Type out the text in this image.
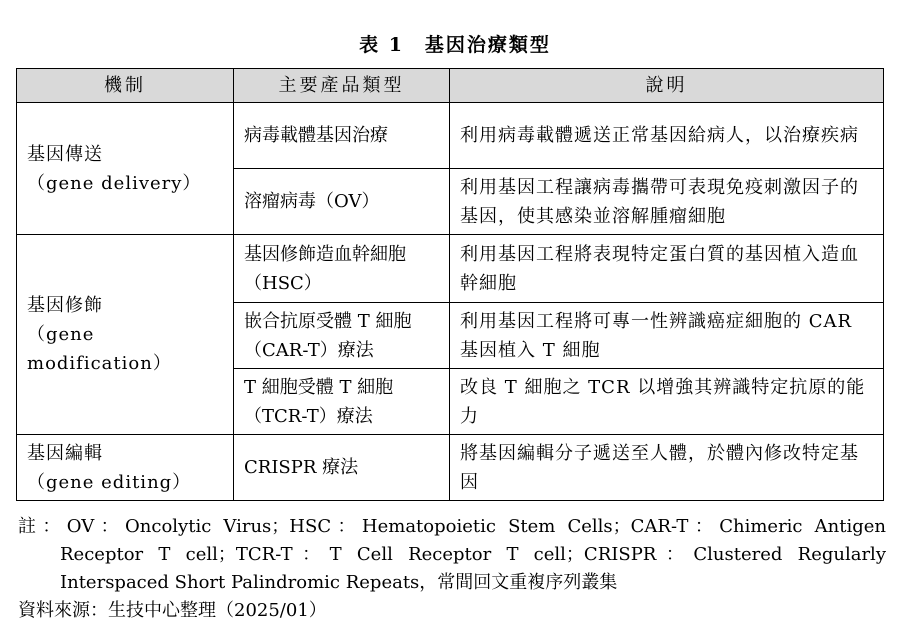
表 1　基因治療類型
機制	主要產品類型	說明

基因傳送
（gene delivery）	病毒載體基因治療	利用病毒載體遞送正常基因給病人，以治療疾病
	溶瘤病毒（OV）	利用基因工程讓病毒攜帶可表現免疫刺激因子的基因，使其感染並溶解腫瘤細胞

基因修飾
（gene modification）	基因修飾造血幹細胞（HSC）	利用基因工程將表現特定蛋白質的基因植入造血幹細胞
	嵌合抗原受體 T 細胞（CAR-T）療法	利用基因工程將可專一性辨識癌症細胞的 CAR 基因植入 T 細胞
	T 細胞受體 T 細胞（TCR-T）療法	改良 T 細胞之 TCR 以增強其辨識特定抗原的能力

基因編輯
（gene editing）	CRISPR 療法	將基因編輯分子遞送至人體，於體內修改特定基因
註：OV：Oncolytic Virus；HSC：Hematopoietic Stem Cells；CAR-T：Chimeric Antigen Receptor T cell；TCR-T：T Cell Receptor T cell；CRISPR：Clustered Regularly Interspaced Short Palindromic Repeats，常間回文重複序列叢集
資料來源：生技中心整理（2025/01）
